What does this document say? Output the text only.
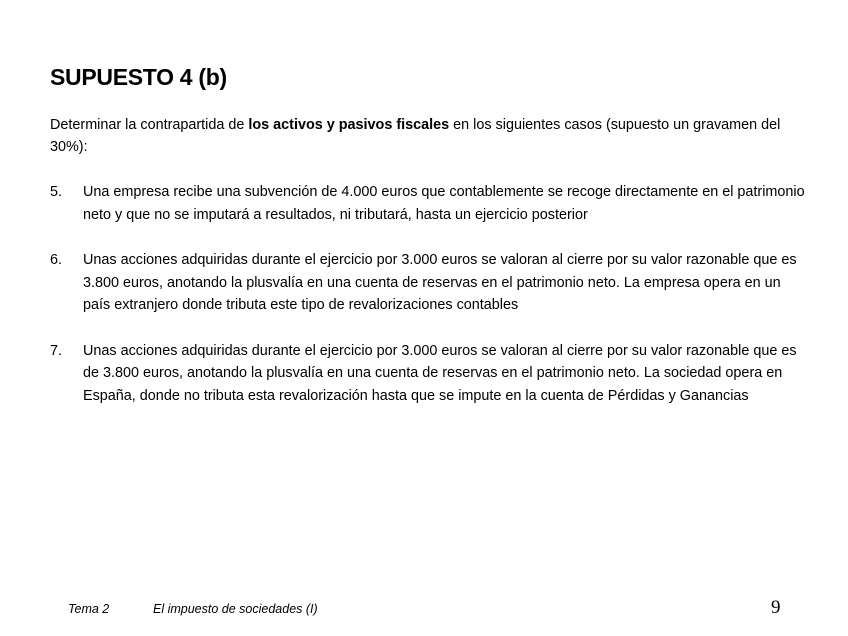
SUPUESTO 4 (b)
Determinar la contrapartida de los activos y pasivos fiscales en los siguientes casos (supuesto un gravamen del 30%):
5. Una empresa recibe una subvención de 4.000 euros que contablemente se recoge directamente en el patrimonio neto y que no se imputará a resultados, ni tributará, hasta un ejercicio posterior
6. Unas acciones adquiridas durante el ejercicio por 3.000 euros se valoran al cierre por su valor razonable que es 3.800 euros, anotando la plusvalía en una cuenta de reservas en el patrimonio neto. La empresa opera en un país extranjero donde tributa este tipo de revalorizaciones contables
7. Unas acciones adquiridas durante el ejercicio por 3.000 euros se valoran al cierre por su valor razonable que es de 3.800 euros, anotando la plusvalía en una cuenta de reservas en el patrimonio neto. La sociedad opera en España, donde no tributa esta revalorización hasta que se impute en la cuenta de Pérdidas y Ganancias
Tema 2	El impuesto de sociedades (I)	9
